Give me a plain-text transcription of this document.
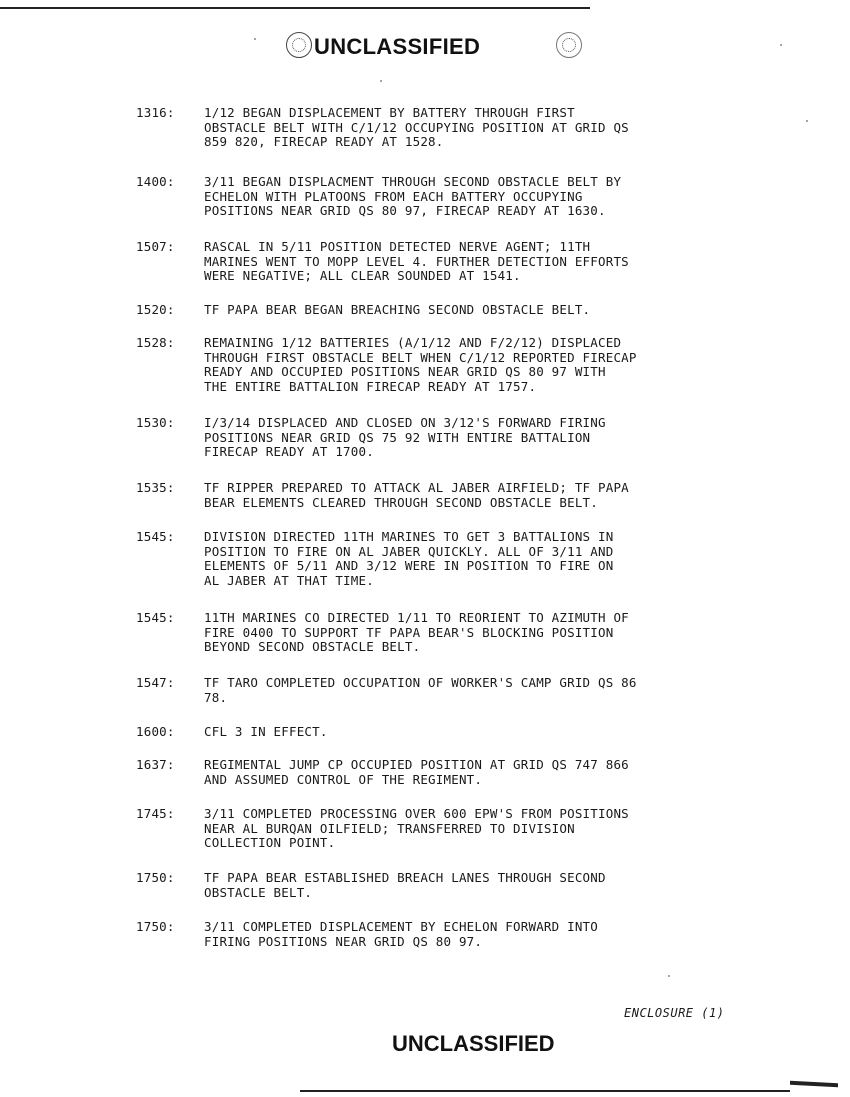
UNCLASSIFIED
1316:	1/12 BEGAN DISPLACEMENT BY BATTERY THROUGH FIRST
OBSTACLE BELT WITH C/1/12 OCCUPYING POSITION AT GRID QS
859 820, FIRECAP READY AT 1528.
1400:	3/11 BEGAN DISPLACMENT THROUGH SECOND OBSTACLE BELT BY
ECHELON WITH PLATOONS FROM EACH BATTERY OCCUPYING
POSITIONS NEAR GRID QS 80 97, FIRECAP READY AT 1630.
1507:	RASCAL IN 5/11 POSITION DETECTED NERVE AGENT; 11TH
MARINES WENT TO MOPP LEVEL 4. FURTHER DETECTION EFFORTS
WERE NEGATIVE; ALL CLEAR SOUNDED AT 1541.
1520:	TF PAPA BEAR BEGAN BREACHING SECOND OBSTACLE BELT.
1528:	REMAINING 1/12 BATTERIES (A/1/12 AND F/2/12) DISPLACED
THROUGH FIRST OBSTACLE BELT WHEN C/1/12 REPORTED FIRECAP
READY AND OCCUPIED POSITIONS NEAR GRID QS 80 97 WITH
THE ENTIRE BATTALION FIRECAP READY AT 1757.
1530:	I/3/14 DISPLACED AND CLOSED ON 3/12'S FORWARD FIRING
POSITIONS NEAR GRID QS 75 92 WITH ENTIRE BATTALION
FIRECAP READY AT 1700.
1535:	TF RIPPER PREPARED TO ATTACK AL JABER AIRFIELD; TF PAPA
BEAR ELEMENTS CLEARED THROUGH SECOND OBSTACLE BELT.
1545:	DIVISION DIRECTED 11TH MARINES TO GET 3 BATTALIONS IN
POSITION TO FIRE ON AL JABER QUICKLY. ALL OF 3/11 AND
ELEMENTS OF 5/11 AND 3/12 WERE IN POSITION TO FIRE ON
AL JABER AT THAT TIME.
1545:	11TH MARINES CO DIRECTED 1/11 TO REORIENT TO AZIMUTH OF
FIRE 0400 TO SUPPORT TF PAPA BEAR'S BLOCKING POSITION
BEYOND SECOND OBSTACLE BELT.
1547:	TF TARO COMPLETED OCCUPATION OF WORKER'S CAMP GRID QS 86
78.
1600:	CFL 3 IN EFFECT.
1637:	REGIMENTAL JUMP CP OCCUPIED POSITION AT GRID QS 747 866
AND ASSUMED CONTROL OF THE REGIMENT.
1745:	3/11 COMPLETED PROCESSING OVER 600 EPW'S FROM POSITIONS
NEAR AL BURQAN OILFIELD; TRANSFERRED TO DIVISION
COLLECTION POINT.
1750:	TF PAPA BEAR ESTABLISHED BREACH LANES THROUGH SECOND
OBSTACLE BELT.
1750:	3/11 COMPLETED DISPLACEMENT BY ECHELON FORWARD INTO
FIRING POSITIONS NEAR GRID QS 80 97.
ENCLOSURE (1)
UNCLASSIFIED
